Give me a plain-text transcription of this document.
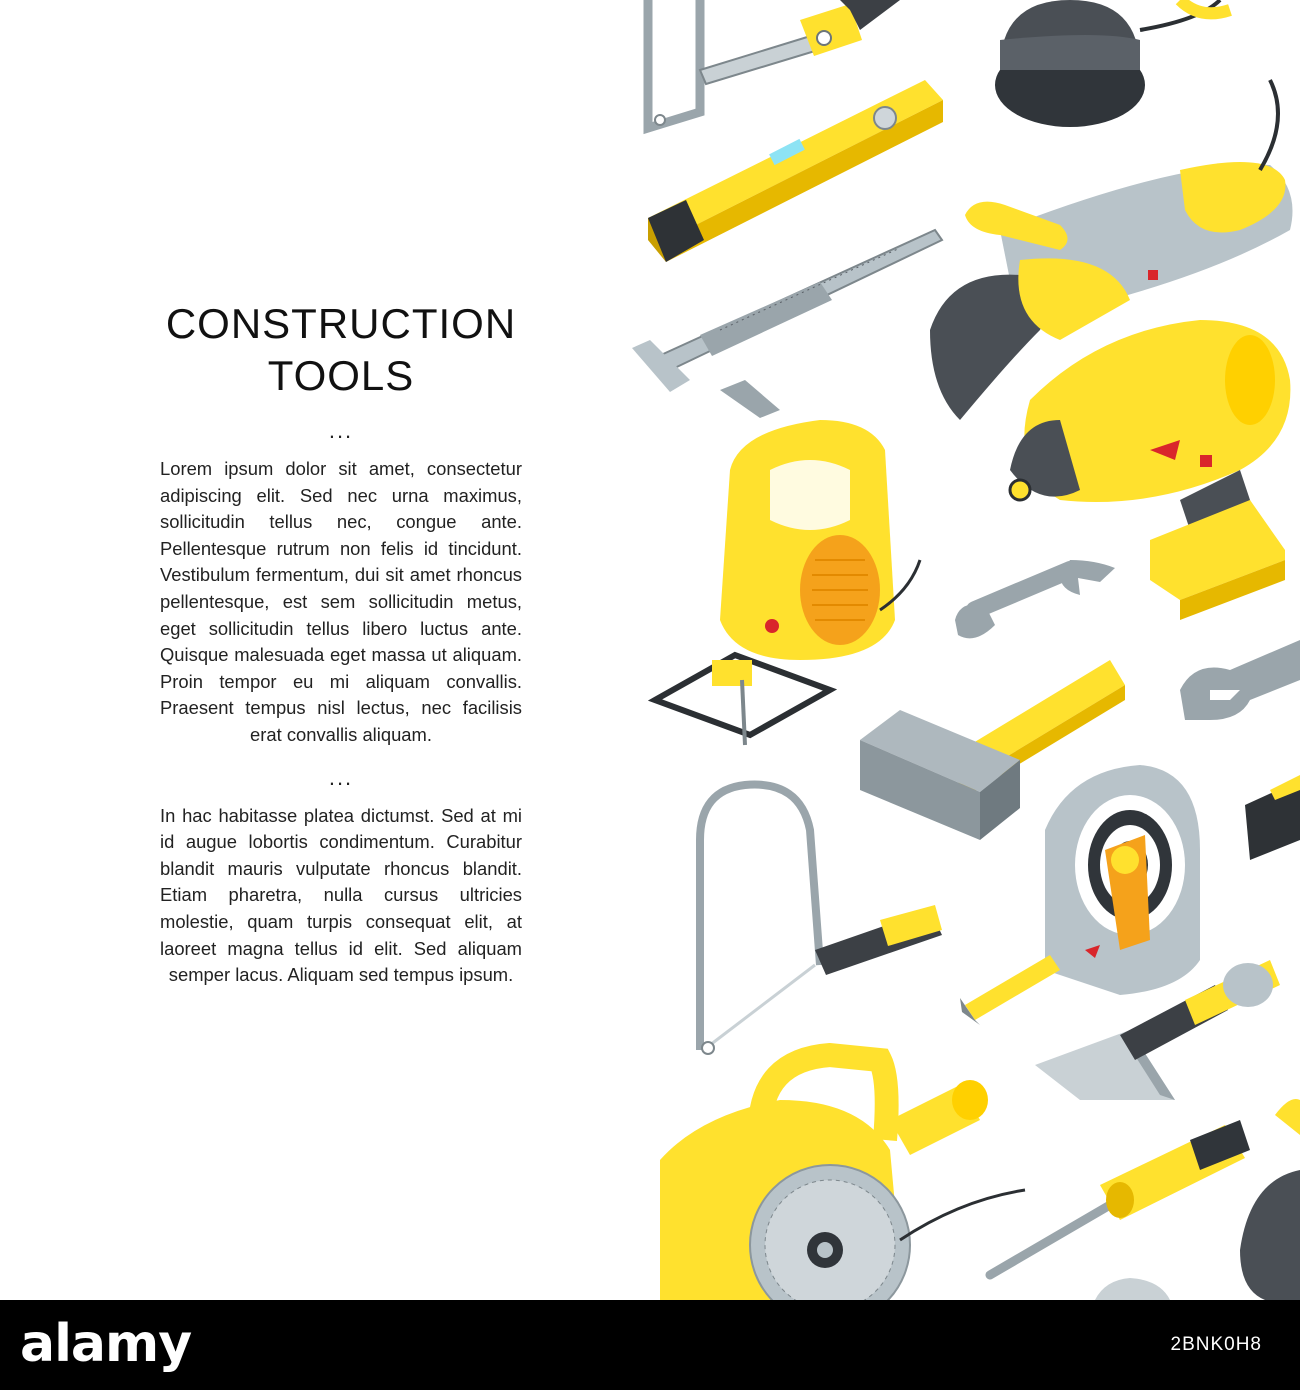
CONSTRUCTION
TOOLS
...

Lorem ipsum dolor sit amet, consectetur adipiscing elit. Sed nec urna maximus, sollicitudin tellus nec, congue ante. Pellentesque rutrum non felis id tincidunt. Vestibulum fermentum, dui sit amet rhoncus pellentesque, est sem sollicitudin metus, eget sollicitudin tellus libero luctus ante. Quisque malesuada eget massa ut aliquam. Proin tempor eu mi aliquam convallis. Praesent tempus nisl lectus, nec facilisis erat convallis aliquam.

...

In hac habitasse platea dictumst. Sed at mi id augue lobortis condimentum. Curabitur blandit mauris vulputate rhoncus blandit. Etiam pharetra, nulla cursus ultricies molestie, quam turpis consequat elit, at laoreet magna tellus id elit. Sed aliquam semper lacus. Aliquam sed tempus ipsum.

alamy	2BNK0H8
